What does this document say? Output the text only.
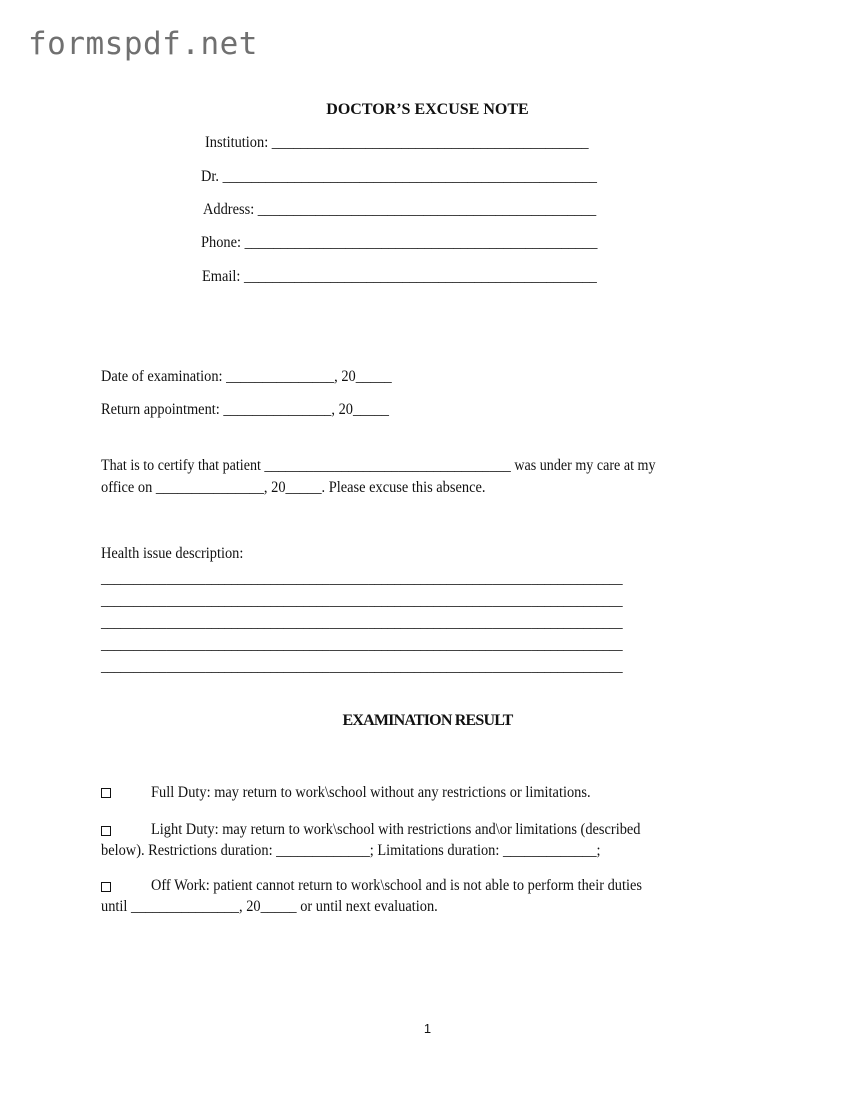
formspdf.net
DOCTOR’S EXCUSE NOTE
Institution: ____________________________________________
Dr. ____________________________________________________
Address: _______________________________________________
Phone: _________________________________________________
Email: _________________________________________________
Date of examination: _______________, 20_____
Return appointment: _______________, 20_____
That is to certify that patient ___________________________________ was under my care at my
office on _______________, 20_____. Please excuse this absence.
Health issue description:
________________________________________________________________________________
________________________________________________________________________________
________________________________________________________________________________
________________________________________________________________________________
________________________________________________________________________________
EXAMINATION RESULT
Full Duty: may return to work\school without any restrictions or limitations.
Light Duty: may return to work\school with restrictions and\or limitations (described
below). Restrictions duration: _____________; Limitations duration: _____________;
Off Work: patient cannot return to work\school and is not able to perform their duties
until _______________, 20_____ or until next evaluation.
1
